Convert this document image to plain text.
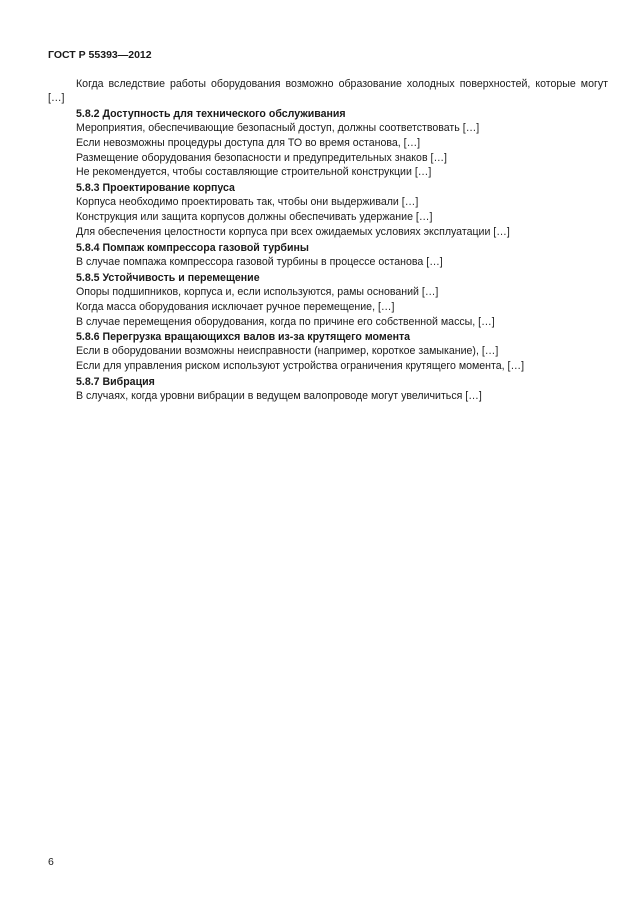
ГОСТ Р 55393—2012

Когда вследствие работы оборудования возможно образование холодных поверхностей, которые могут […]

5.8.2 Доступность для технического обслуживания

Мероприятия, обеспечивающие безопасный доступ, должны соответствовать […]

Если невозможны процедуры доступа для ТО во время останова, […]

Размещение оборудования безопасности и предупредительных знаков […]

Не рекомендуется, чтобы составляющие строительной конструкции […]

5.8.3 Проектирование корпуса

Корпуса необходимо проектировать так, чтобы они выдерживали […]

Конструкция или защита корпусов должны обеспечивать удержание […]

Для обеспечения целостности корпуса при всех ожидаемых условиях эксплуатации […]

5.8.4 Помпаж компрессора газовой турбины

В случае помпажа компрессора газовой турбины в процессе останова […]

5.8.5 Устойчивость и перемещение

Опоры подшипников, корпуса и, если используются, рамы оснований […]

Когда масса оборудования исключает ручное перемещение, […]

В случае перемещения оборудования, когда по причине его собственной массы, […]

5.8.6 Перегрузка вращающихся валов из-за крутящего момента

Если в оборудовании возможны неисправности (например, короткое замыкание), […]

Если для управления риском используют устройства ограничения крутящего момента, […]

5.8.7 Вибрация

В случаях, когда уровни вибрации в ведущем валопроводе могут увеличиться […]

6
